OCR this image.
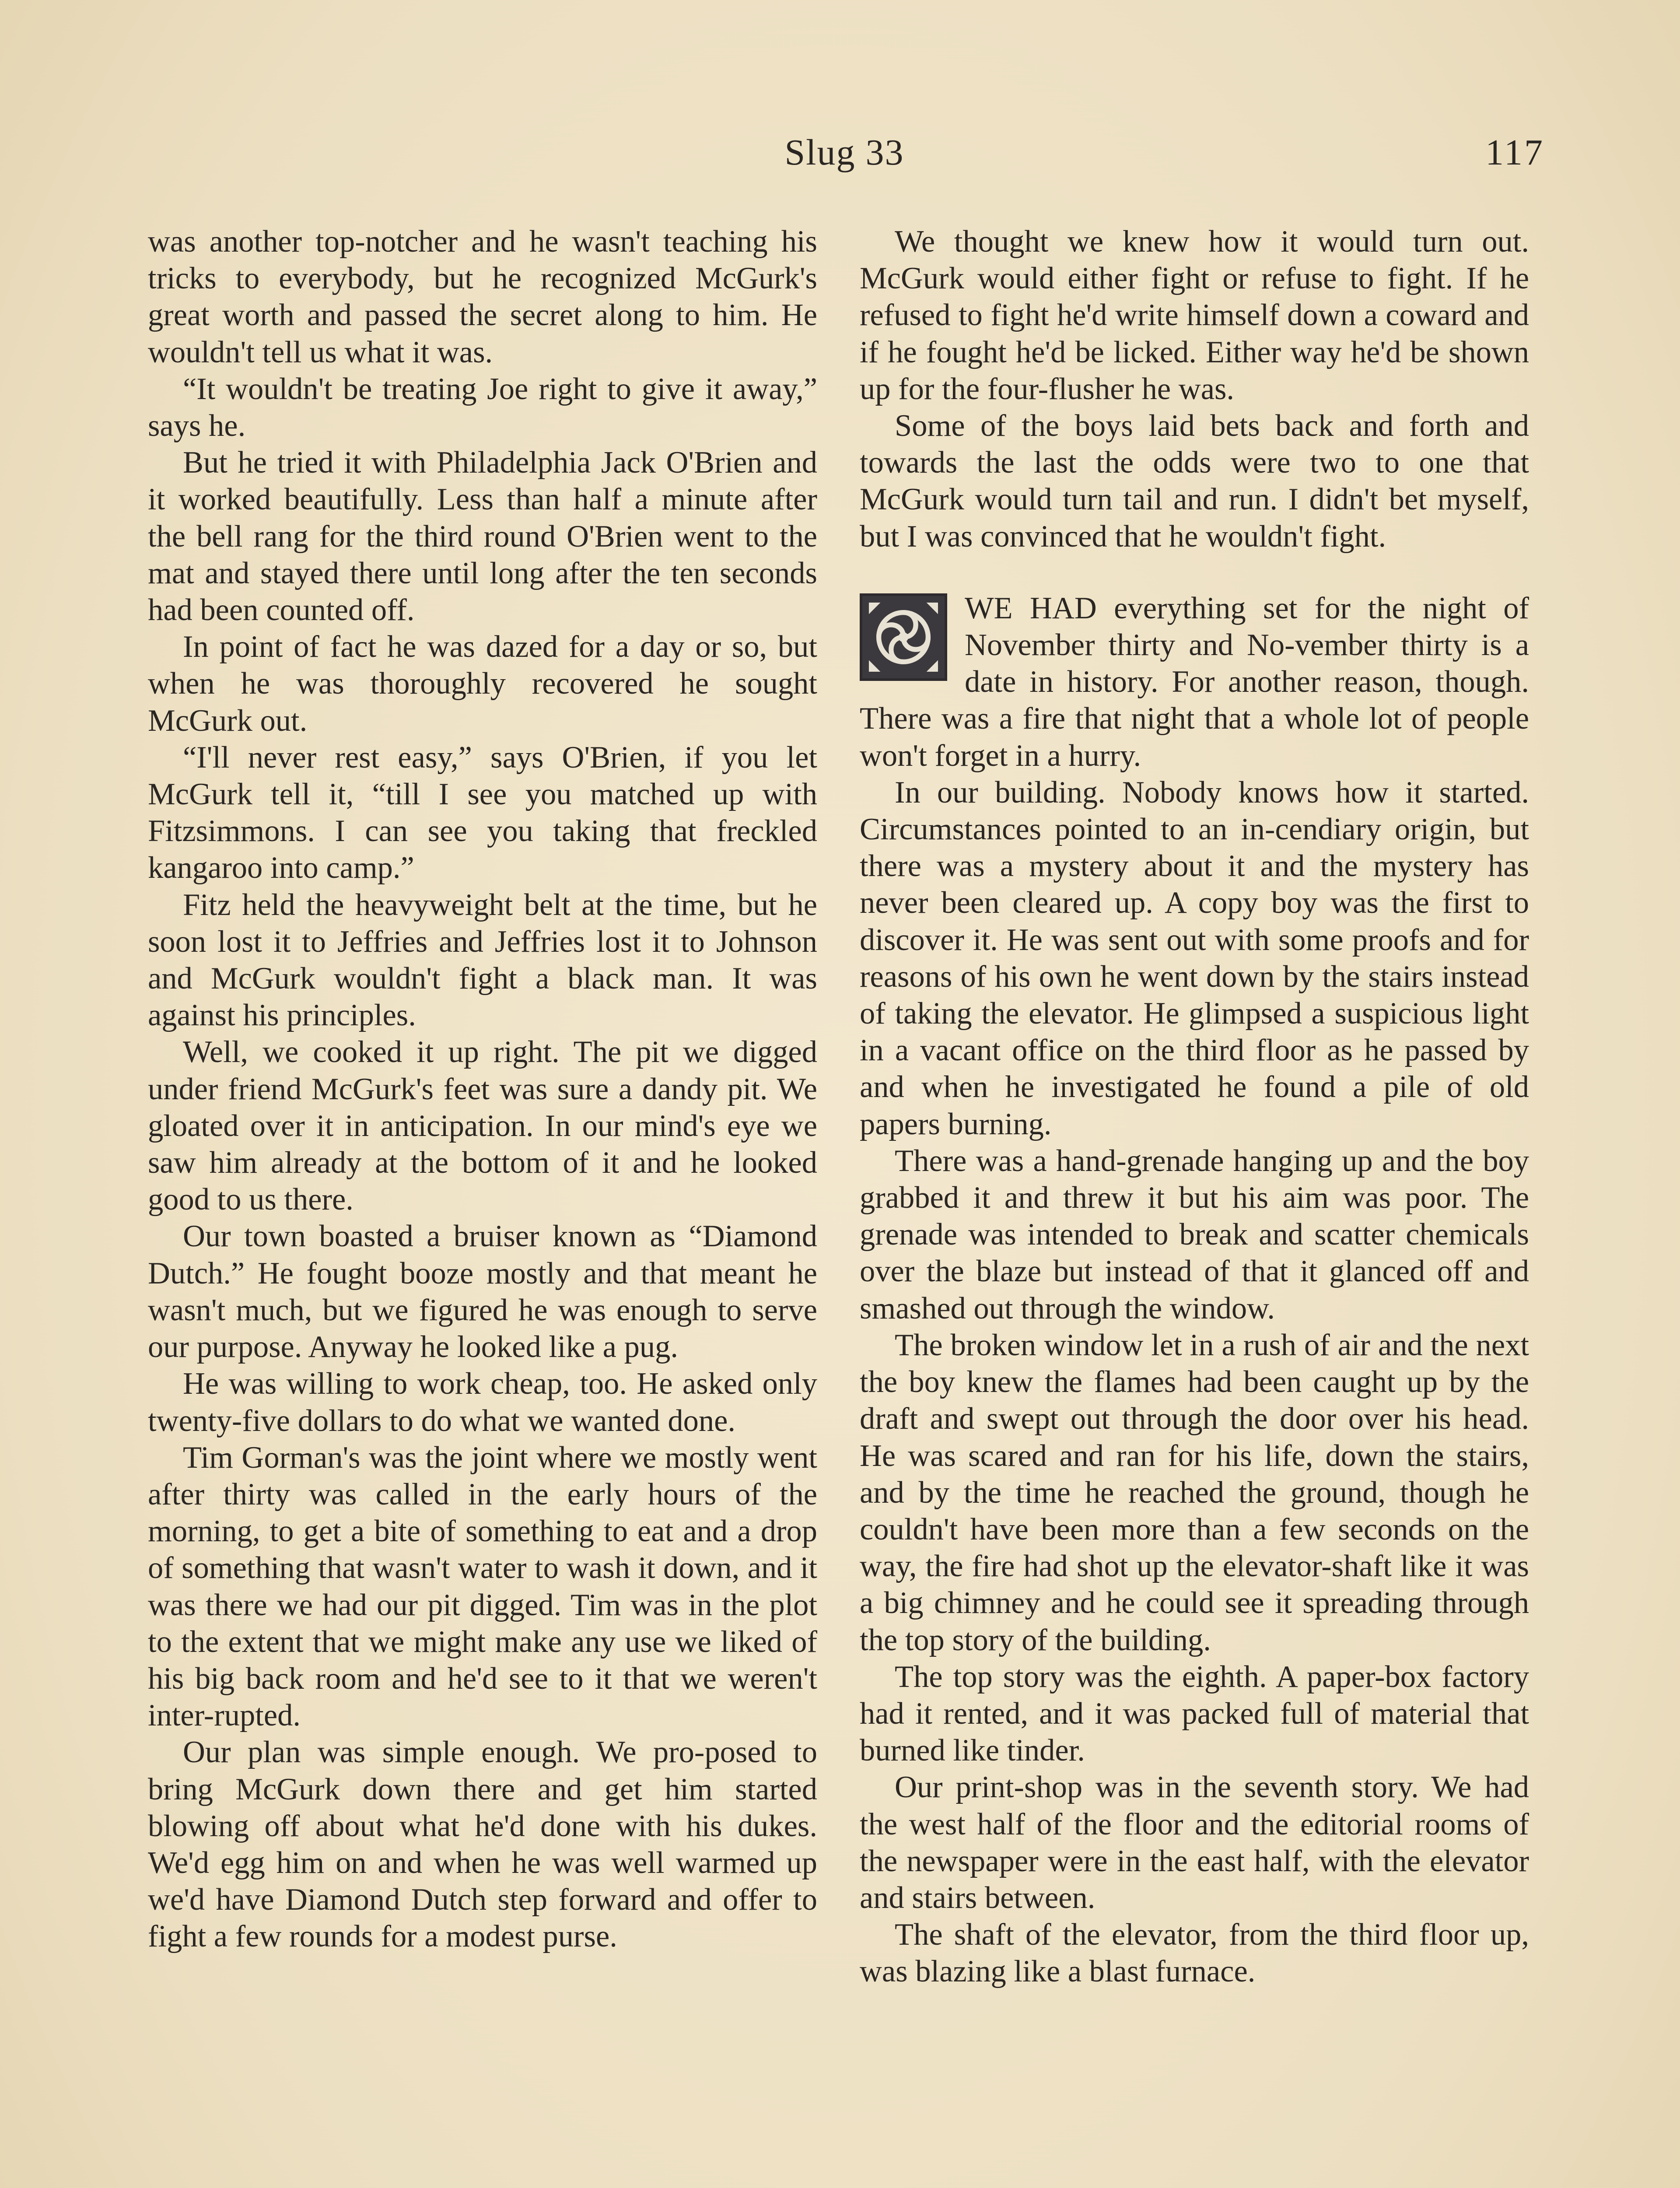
Slug 33	117

was another top-notcher and he wasn't teaching his tricks to everybody, but he recognized McGurk's great worth and passed the secret along to him. He wouldn't tell us what it was.

“It wouldn't be treating Joe right to give it away,” says he.

But he tried it with Philadelphia Jack O'Brien and it worked beautifully. Less than half a minute after the bell rang for the third round O'Brien went to the mat and stayed there until long after the ten seconds had been counted off.

In point of fact he was dazed for a day or so, but when he was thoroughly recovered he sought McGurk out.

“I'll never rest easy,” says O'Brien, if you let McGurk tell it, “till I see you matched up with Fitzsimmons. I can see you taking that freckled kangaroo into camp.”

Fitz held the heavyweight belt at the time, but he soon lost it to Jeffries and Jeffries lost it to Johnson and McGurk wouldn't fight a black man. It was against his principles.

Well, we cooked it up right. The pit we digged under friend McGurk's feet was sure a dandy pit. We gloated over it in anticipation. In our mind's eye we saw him already at the bottom of it and he looked good to us there.

Our town boasted a bruiser known as “Diamond Dutch.” He fought booze mostly and that meant he wasn't much, but we figured he was enough to serve our purpose. Anyway he looked like a pug.

He was willing to work cheap, too. He asked only twenty-five dollars to do what we wanted done.

Tim Gorman's was the joint where we mostly went after thirty was called in the early hours of the morning, to get a bite of something to eat and a drop of something that wasn't water to wash it down, and it was there we had our pit digged. Tim was in the plot to the extent that we might make any use we liked of his big back room and he'd see to it that we weren't inter-rupted.

Our plan was simple enough. We pro-posed to bring McGurk down there and get him started blowing off about what he'd done with his dukes. We'd egg him on and when he was well warmed up we'd have Diamond Dutch step forward and offer to fight a few rounds for a modest purse.

We thought we knew how it would turn out. McGurk would either fight or refuse to fight. If he refused to fight he'd write himself down a coward and if he fought he'd be licked. Either way he'd be shown up for the four-flusher he was.

Some of the boys laid bets back and forth and towards the last the odds were two to one that McGurk would turn tail and run. I didn't bet myself, but I was convinced that he wouldn't fight.

WE HAD everything set for the night of November thirty and No-vember thirty is a date in history. For another reason, though. There was a fire that night that a whole lot of people won't forget in a hurry.

In our building. Nobody knows how it started. Circumstances pointed to an in-cendiary origin, but there was a mystery about it and the mystery has never been cleared up. A copy boy was the first to discover it. He was sent out with some proofs and for reasons of his own he went down by the stairs instead of taking the elevator. He glimpsed a suspicious light in a vacant office on the third floor as he passed by and when he investigated he found a pile of old papers burning.

There was a hand-grenade hanging up and the boy grabbed it and threw it but his aim was poor. The grenade was intended to break and scatter chemicals over the blaze but instead of that it glanced off and smashed out through the window.

The broken window let in a rush of air and the next the boy knew the flames had been caught up by the draft and swept out through the door over his head. He was scared and ran for his life, down the stairs, and by the time he reached the ground, though he couldn't have been more than a few seconds on the way, the fire had shot up the elevator-shaft like it was a big chimney and he could see it spreading through the top story of the building.

The top story was the eighth. A paper-box factory had it rented, and it was packed full of material that burned like tinder.

Our print-shop was in the seventh story. We had the west half of the floor and the editorial rooms of the newspaper were in the east half, with the elevator and stairs between.

The shaft of the elevator, from the third floor up, was blazing like a blast furnace.
